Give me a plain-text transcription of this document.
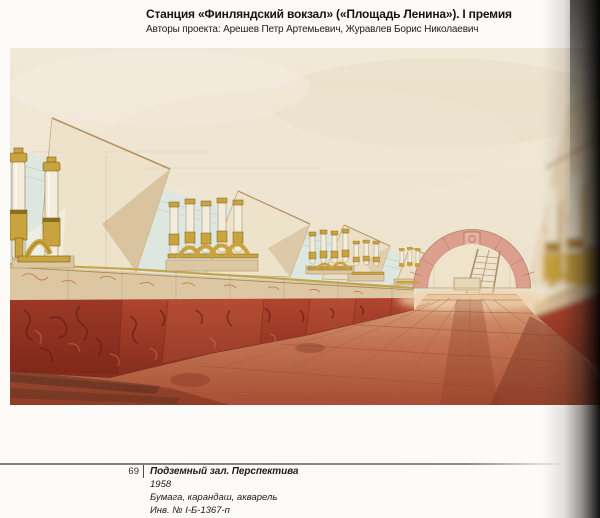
Станция «Финляндский вокзал» («Площадь Ленина»). I премия

Авторы проекта: Арешев Петр Артемьевич, Журавлев Борис Николаевич

69 Подземный зал. Перспектива
1958
Бумага, карандаш, акварель
Инв. № I-Б-1367-п
